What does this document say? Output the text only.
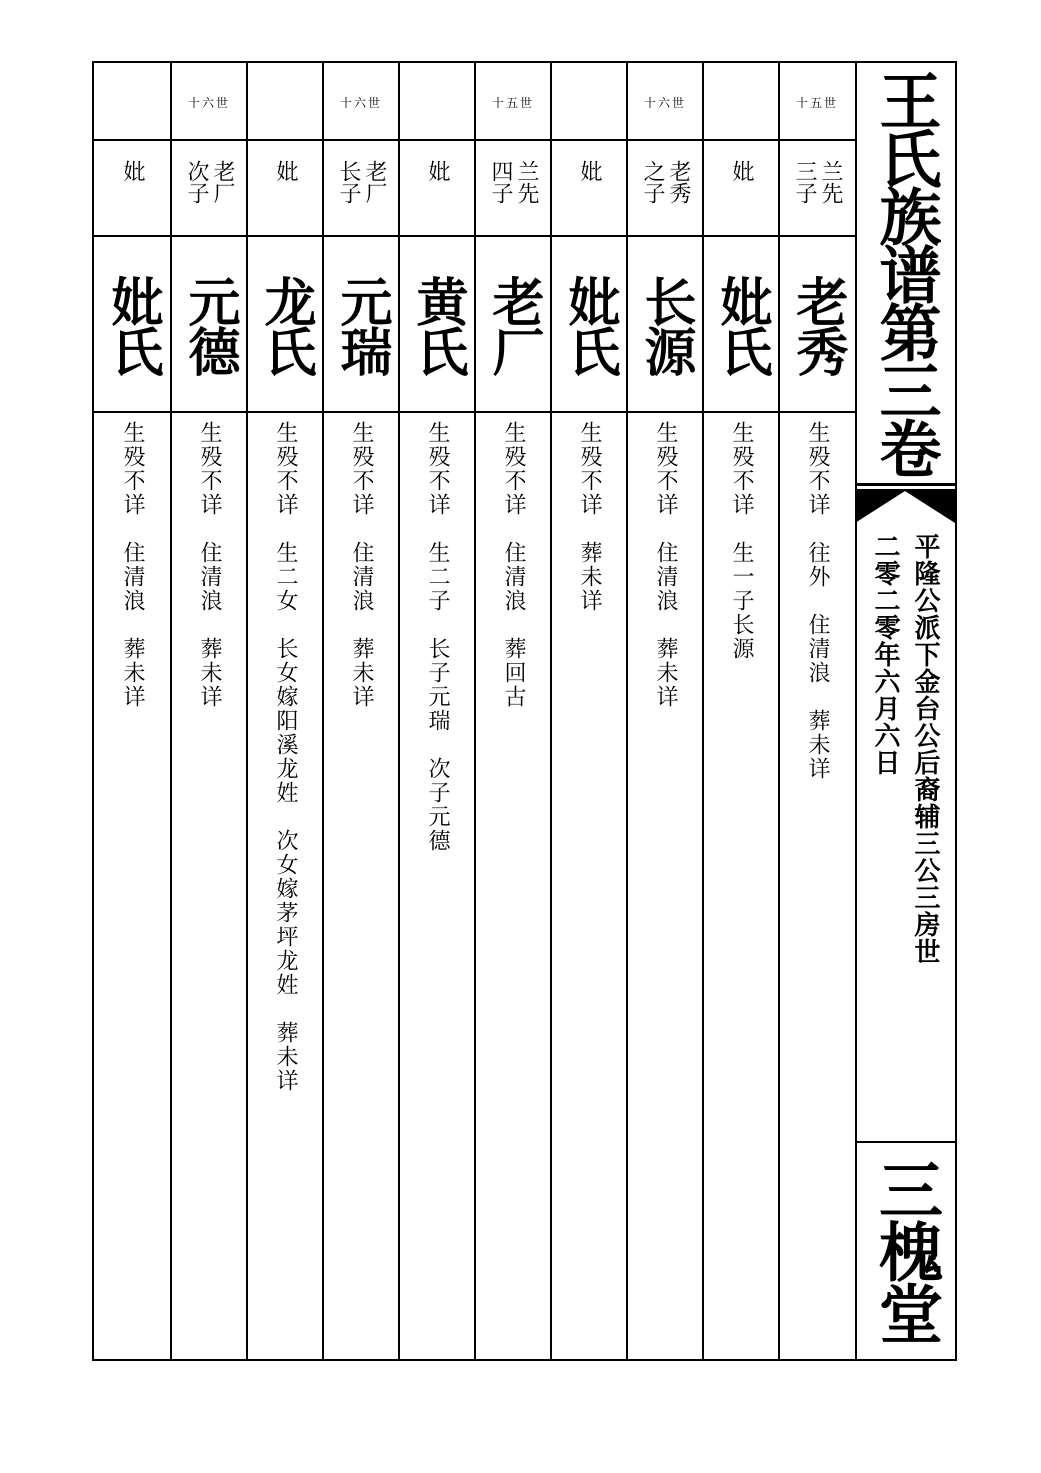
王氏族谱第三卷
二零二零年六月六日 平隆公派下金台公后裔辅三公三房世
三槐堂
十五世
兰先三子
老秀
生殁不详　往外　住清浪　葬未详
妣
妣氏
生殁不详　生一子长源
十六世
老秀之子
长源
生殁不详　住清浪　葬未详
妣
妣氏
生殁不详　葬未详
十五世
兰先四子
老厂
生殁不详　住清浪　葬回古
妣
黄氏
生殁不详　生二子　长子元瑞　次子元德
十六世
老厂长子
元瑞
生殁不详　住清浪　葬未详
妣
龙氏
生殁不详　生二女　长女嫁阳溪龙姓　次女嫁茅坪龙姓　葬未详
十六世
老厂次子
元德
生殁不详　住清浪　葬未详
妣
妣氏
生殁不详　住清浪　葬未详
